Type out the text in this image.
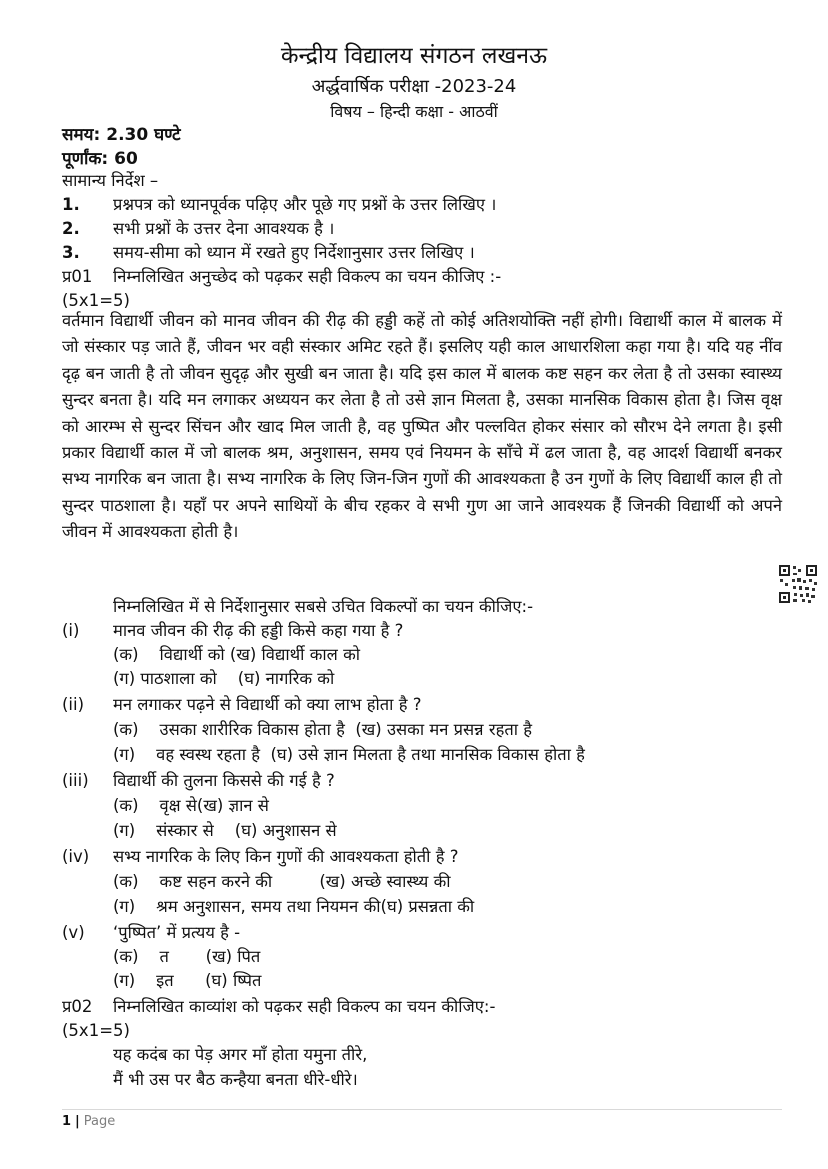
केन्द्रीय विद्यालय संगठन लखनऊ
अर्द्धवार्षिक परीक्षा -2023-24
विषय – हिन्दी कक्षा - आठवीं
समय: 2.30 घण्टे
पूर्णांक: 60
सामान्य निर्देश –
1. प्रश्नपत्र को ध्यानपूर्वक पढ़िए और पूछे गए प्रश्नों के उत्तर लिखिए ।
2. सभी प्रश्नों के उत्तर देना आवश्यक है ।
3. समय-सीमा को ध्यान में रखते हुए निर्देशानुसार उत्तर लिखिए ।
प्र01 निम्नलिखित अनुच्छेद को पढ़कर सही विकल्प का चयन कीजिए :-
(5x1=5)

वर्तमान विद्यार्थी जीवन को मानव जीवन की रीढ़ की हड्डी कहें तो कोई अतिशयोक्ति नहीं होगी। विद्यार्थी काल में बालक में जो संस्कार पड़ जाते हैं, जीवन भर वही संस्कार अमिट रहते हैं। इसलिए यही काल आधारशिला कहा गया है। यदि यह नींव दृढ़ बन जाती है तो जीवन सुदृढ़ और सुखी बन जाता है। यदि इस काल में बालक कष्ट सहन कर लेता है तो उसका स्वास्थ्य सुन्दर बनता है। यदि मन लगाकर अध्ययन कर लेता है तो उसे ज्ञान मिलता है, उसका मानसिक विकास होता है। जिस वृक्ष को आरम्भ से सुन्दर सिंचन और खाद मिल जाती है, वह पुष्पित और पल्लवित होकर संसार को सौरभ देने लगता है। इसी प्रकार विद्यार्थी काल में जो बालक श्रम, अनुशासन, समय एवं नियमन के साँचे में ढल जाता है, वह आदर्श विद्यार्थी बनकर सभ्य नागरिक बन जाता है। सभ्य नागरिक के लिए जिन-जिन गुणों की आवश्यकता है उन गुणों के लिए विद्यार्थी काल ही तो सुन्दर पाठशाला है। यहाँ पर अपने साथियों के बीच रहकर वे सभी गुण आ जाने आवश्यक हैं जिनकी विद्यार्थी को अपने जीवन में आवश्यकता होती है।

निम्नलिखित में से निर्देशानुसार सबसे उचित विकल्पों का चयन कीजिए:-
(i) मानव जीवन की रीढ़ की हड्डी किसे कहा गया है ?
(क)    विद्यार्थी को (ख) विद्यार्थी काल को
(ग) पाठशाला को    (घ) नागरिक को
(ii) मन लगाकर पढ़ने से विद्यार्थी को क्या लाभ होता है ?
(क)    उसका शारीरिक विकास होता है  (ख) उसका मन प्रसन्न रहता है
(ग)    वह स्वस्थ रहता है  (घ) उसे ज्ञान मिलता है तथा मानसिक विकास होता है
(iii) विद्यार्थी की तुलना किससे की गई है ?
(क)    वृक्ष से(ख) ज्ञान से
(ग)    संस्कार से    (घ) अनुशासन से
(iv) सभ्य नागरिक के लिए किन गुणों की आवश्यकता होती है ?
(क)    कष्ट सहन करने की         (ख) अच्छे स्वास्थ्य की
(ग)    श्रम अनुशासन, समय तथा नियमन की(घ) प्रसन्नता की
(v) ‘पुष्पित’ में प्रत्यय है -
(क)    त       (ख) पित
(ग)    इत      (घ) ष्पित
प्र02 निम्नलिखित काव्यांश को पढ़कर सही विकल्प का चयन कीजिए:-
(5x1=5)
यह कदंब का पेड़ अगर माँ होता यमुना तीरे,
मैं भी उस पर बैठ कन्हैया बनता धीरे-धीरे।
1 | Page
